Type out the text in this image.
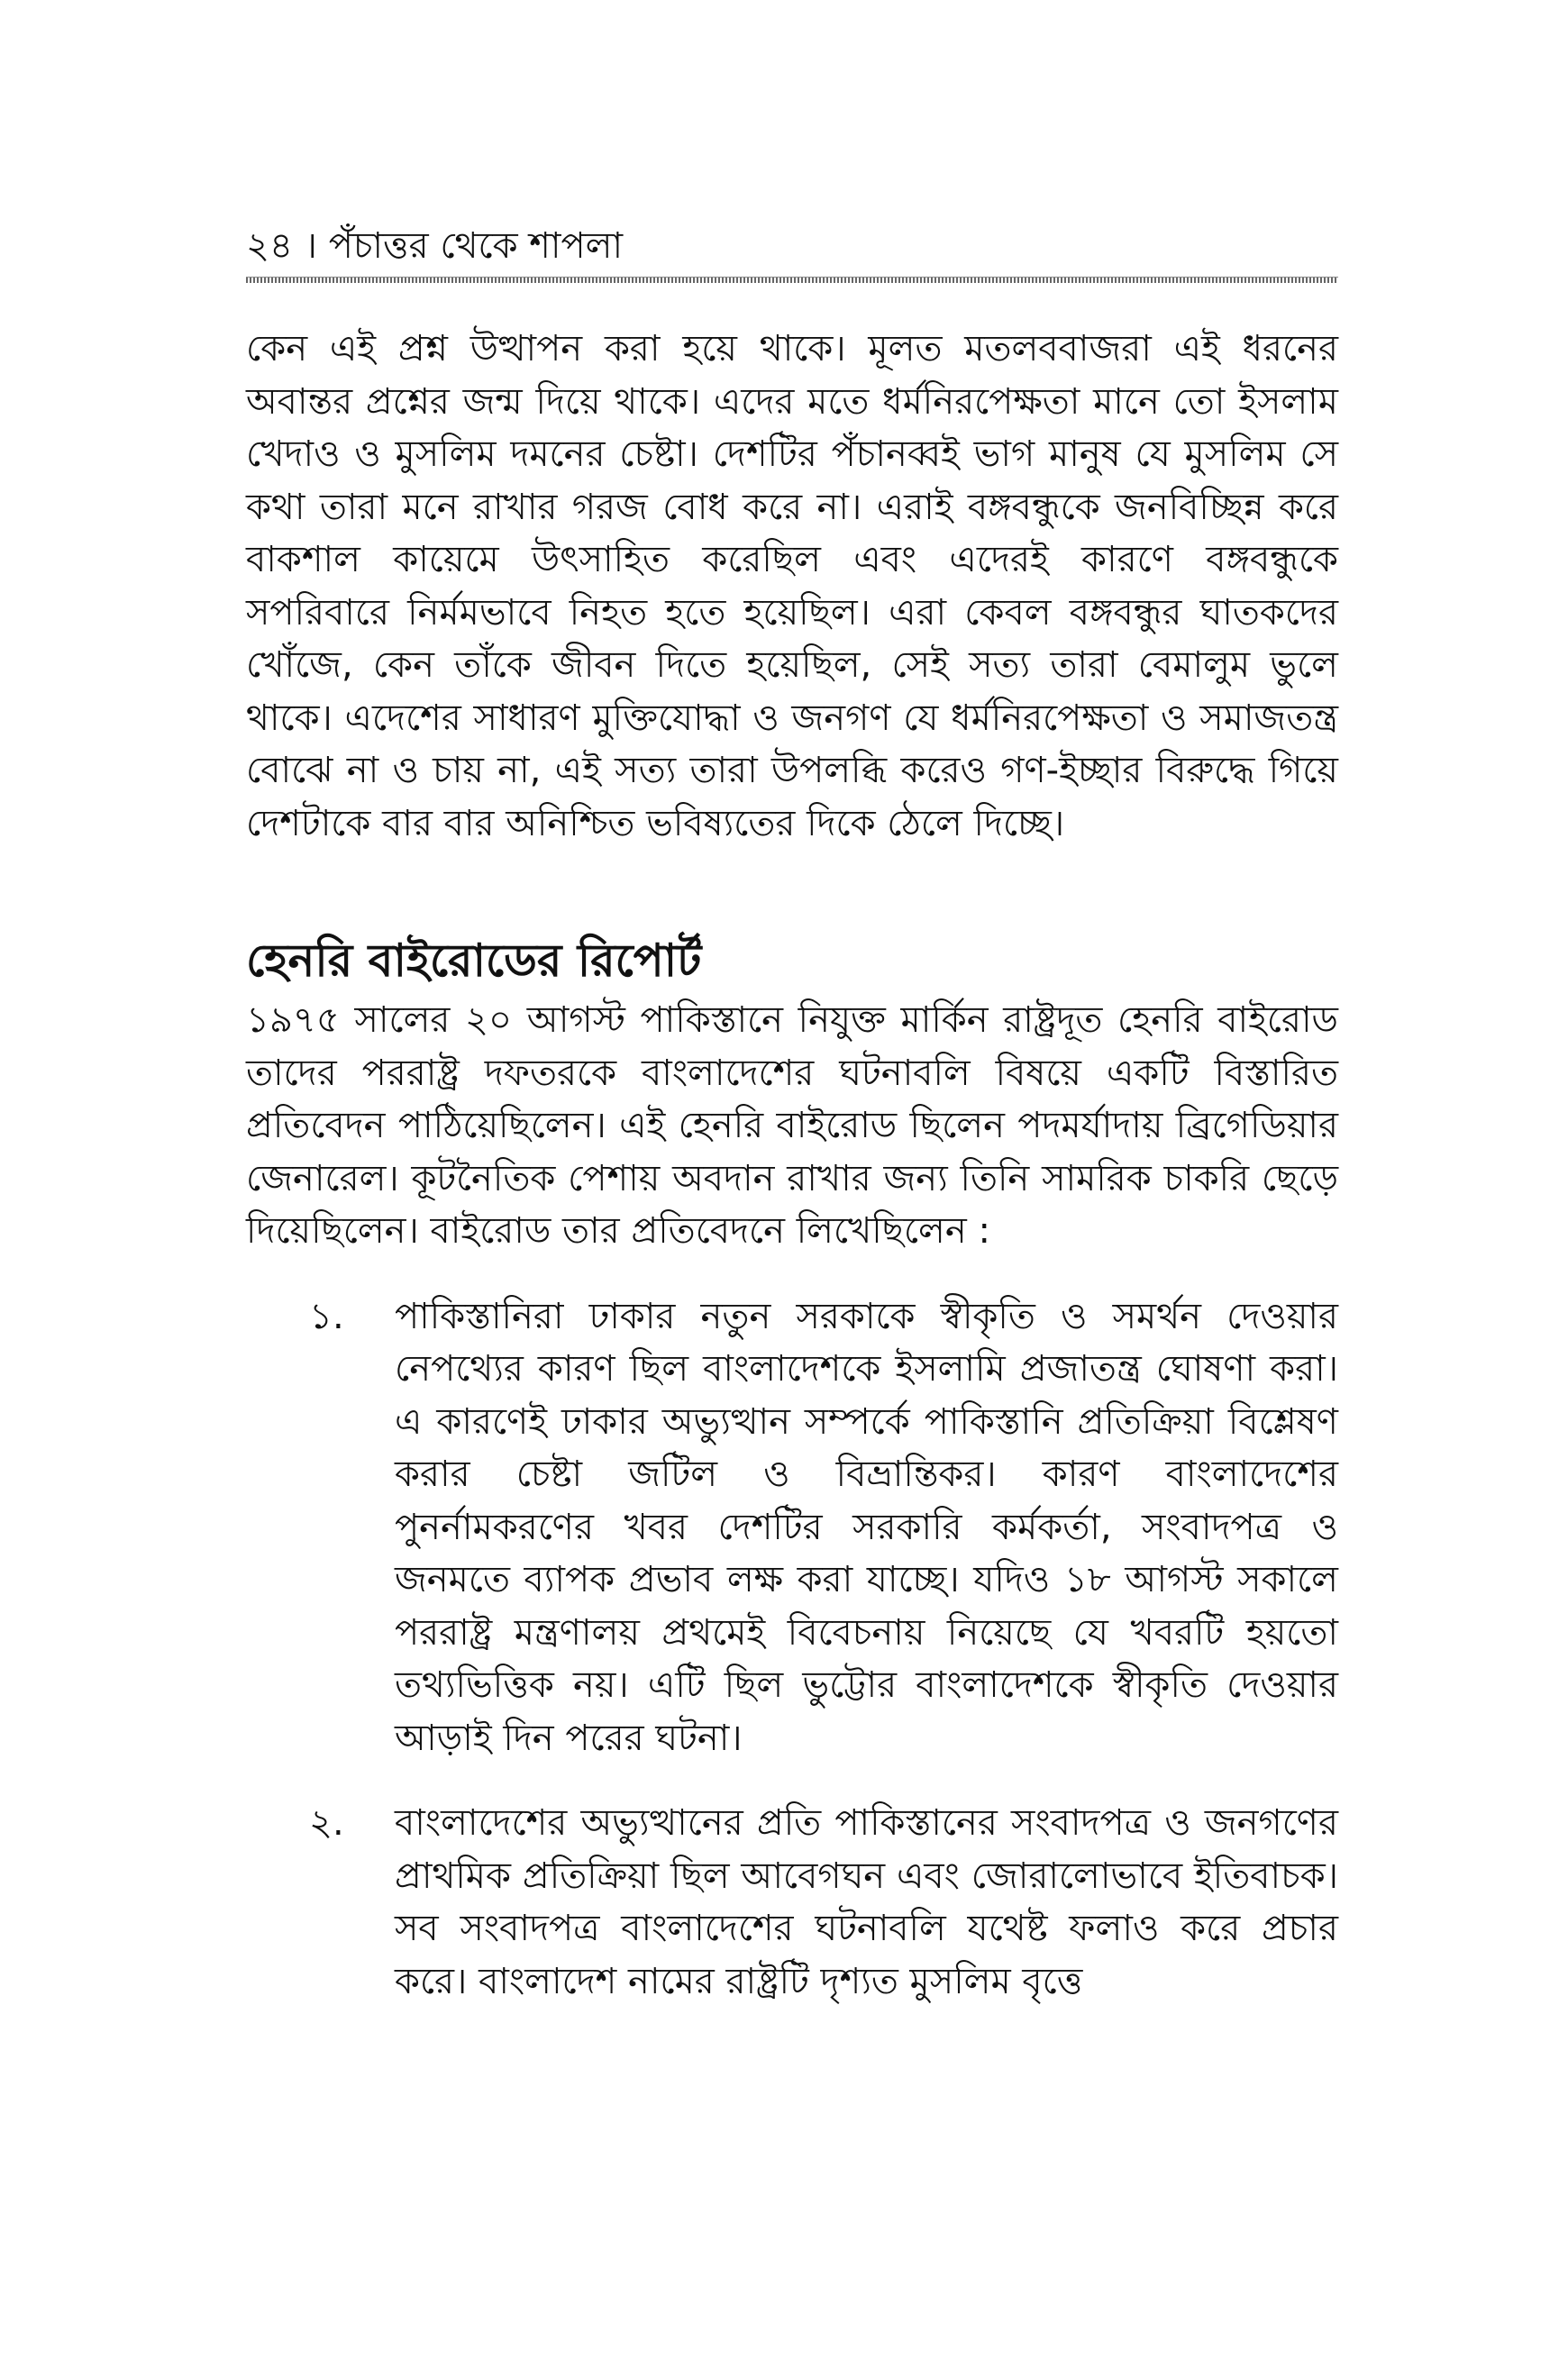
২৪ । পঁচাত্তর থেকে শাপলা

কেন এই প্রশ্ন উত্থাপন করা হয়ে থাকে। মূলত মতলববাজরা এই ধরনের অবান্তর প্রশ্নের জন্ম দিয়ে থাকে। এদের মতে ধর্মনিরপেক্ষতা মানে তো ইসলাম খেদাও ও মুসলিম দমনের চেষ্টা। দেশটির পঁচানব্বই ভাগ মানুষ যে মুসলিম সে কথা তারা মনে রাখার গরজ বোধ করে না। এরাই বঙ্গবন্ধুকে জনবিচ্ছিন্ন করে বাকশাল কায়েমে উৎসাহিত করেছিল এবং এদেরই কারণে বঙ্গবন্ধুকে সপরিবারে নির্মমভাবে নিহত হতে হয়েছিল। এরা কেবল বঙ্গবন্ধুর ঘাতকদের খোঁজে, কেন তাঁকে জীবন দিতে হয়েছিল, সেই সত্য তারা বেমালুম ভুলে থাকে। এদেশের সাধারণ মুক্তিযোদ্ধা ও জনগণ যে ধর্মনিরপেক্ষতা ও সমাজতন্ত্র বোঝে না ও চায় না, এই সত্য তারা উপলব্ধি করেও গণ-ইচ্ছার বিরুদ্ধে গিয়ে দেশটাকে বার বার অনিশ্চিত ভবিষ্যতের দিকে ঠেলে দিচ্ছে।

হেনরি বাইরোডের রিপোর্ট

১৯৭৫ সালের ২০ আগস্ট পাকিস্তানে নিযুক্ত মার্কিন রাষ্ট্রদূত হেনরি বাইরোড তাদের পররাষ্ট্র দফতরকে বাংলাদেশের ঘটনাবলি বিষয়ে একটি বিস্তারিত প্রতিবেদন পাঠিয়েছিলেন। এই হেনরি বাইরোড ছিলেন পদমর্যাদায় ব্রিগেডিয়ার জেনারেল। কূটনৈতিক পেশায় অবদান রাখার জন্য তিনি সামরিক চাকরি ছেড়ে দিয়েছিলেন। বাইরোড তার প্রতিবেদনে লিখেছিলেন :

১.	পাকিস্তানিরা ঢাকার নতুন সরকাকে স্বীকৃতি ও সমর্থন দেওয়ার নেপথ্যের কারণ ছিল বাংলাদেশকে ইসলামি প্রজাতন্ত্র ঘোষণা করা। এ কারণেই ঢাকার অভ্যুত্থান সম্পর্কে পাকিস্তানি প্রতিক্রিয়া বিশ্লেষণ করার চেষ্টা জটিল ও বিভ্রান্তিকর। কারণ বাংলাদেশের পুনর্নামকরণের খবর দেশটির সরকারি কর্মকর্তা, সংবাদপত্র ও জনমতে ব্যাপক প্রভাব লক্ষ করা যাচ্ছে। যদিও ১৮ আগস্ট সকালে পররাষ্ট্র মন্ত্রণালয় প্রথমেই বিবেচনায় নিয়েছে যে খবরটি হয়তো তথ্যভিত্তিক নয়। এটি ছিল ভুট্টোর বাংলাদেশকে স্বীকৃতি দেওয়ার আড়াই দিন পরের ঘটনা।
২.	বাংলাদেশের অভ্যুত্থানের প্রতি পাকিস্তানের সংবাদপত্র ও জনগণের প্রাথমিক প্রতিক্রিয়া ছিল আবেগঘন এবং জোরালোভাবে ইতিবাচক। সব সংবাদপত্র বাংলাদেশের ঘটনাবলি যথেষ্ট ফলাও করে প্রচার করে। বাংলাদেশ নামের রাষ্ট্রটি দৃশ্যত মুসলিম বৃত্তে
